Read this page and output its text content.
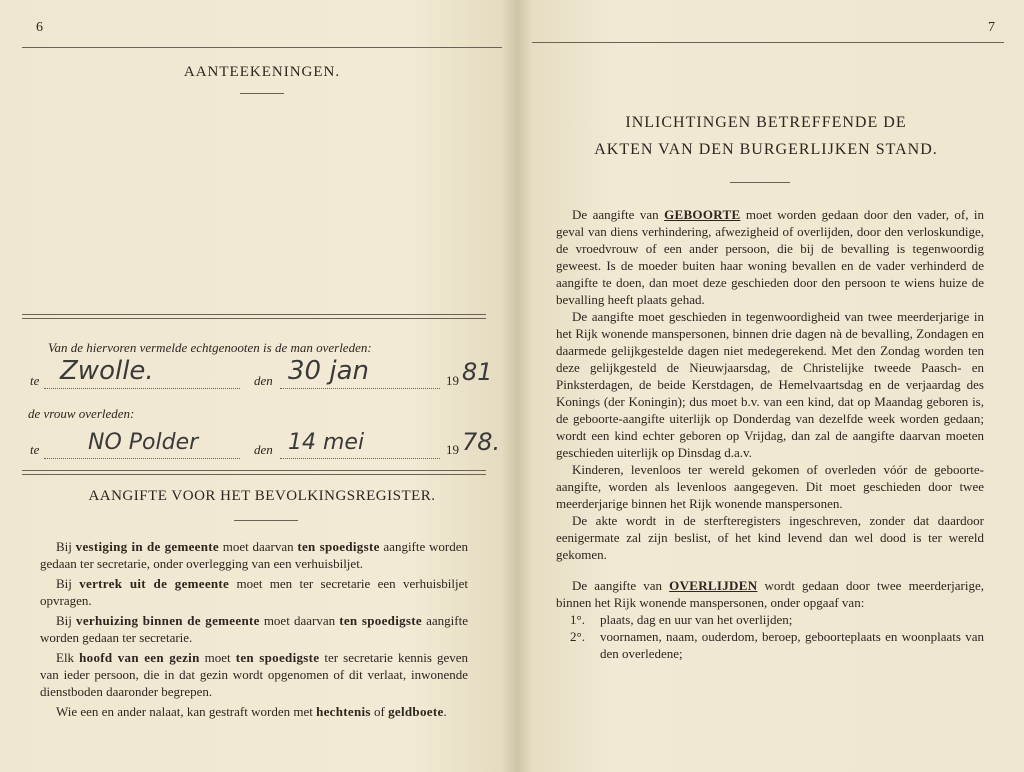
6
AANTEEKENINGEN.
Van de hiervoren vermelde echtgenooten is de man overleden:
te Zwolle.	den 30 jan	19 81
de vrouw overleden:
te NO Polder	den 14 mei	19 78.
AANGIFTE VOOR HET BEVOLKINGSREGISTER.

Bij vestiging in de gemeente moet daarvan ten spoedigste aangifte worden gedaan ter secretarie, onder overlegging van een verhuisbiljet.

Bij vertrek uit de gemeente moet men ter secretarie een verhuisbiljet opvragen.

Bij verhuizing binnen de gemeente moet daarvan ten spoedigste aangifte worden gedaan ter secretarie.

Elk hoofd van een gezin moet ten spoedigste ter secretarie kennis geven van ieder persoon, die in dat gezin wordt opgenomen of dit verlaat, inwonende dienstboden daaronder begrepen.

Wie een en ander nalaat, kan gestraft worden met hechtenis of geldboete.

7
INLICHTINGEN BETREFFENDE DE
AKTEN VAN DEN BURGERLIJKEN STAND.

De aangifte van GEBOORTE moet worden gedaan door den vader, of, in geval van diens verhindering, afwezigheid of overlijden, door den verloskundige, de vroedvrouw of een ander persoon, die bij de bevalling is tegenwoordig geweest. Is de moeder buiten haar woning bevallen en de vader verhinderd de aangifte te doen, dan moet deze geschieden door den persoon te wiens huize de bevalling heeft plaats gehad.

De aangifte moet geschieden in tegenwoordigheid van twee meerderjarige in het Rijk wonende manspersonen, binnen drie dagen nà de bevalling, Zondagen en daarmede gelijkgestelde dagen niet medegerekend. Met den Zondag worden ten deze gelijkgesteld de Nieuwjaarsdag, de Christelijke tweede Paasch- en Pinksterdagen, de beide Kerstdagen, de Hemelvaartsdag en de verjaardag des Konings (der Koningin); dus moet b.v. van een kind, dat op Maandag geboren is, de geboorte-aangifte uiterlijk op Donderdag van dezelfde week worden gedaan; wordt een kind echter geboren op Vrijdag, dan zal de aangifte daarvan moeten geschieden uiterlijk op Dinsdag d.a.v.

Kinderen, levenloos ter wereld gekomen of overleden vóór de geboorte-aangifte, worden als levenloos aangegeven. Dit moet geschieden door twee meerderjarige binnen het Rijk wonende manspersonen.

De akte wordt in de sterfteregisters ingeschreven, zonder dat daardoor eenigermate zal zijn beslist, of het kind levend dan wel dood is ter wereld gekomen.

De aangifte van OVERLIJDEN wordt gedaan door twee meerderjarige, binnen het Rijk wonende manspersonen, onder opgaaf van:

1°.	plaats, dag en uur van het overlijden;
2°.	voornamen, naam, ouderdom, beroep, geboorteplaats en woonplaats van den overledene;
